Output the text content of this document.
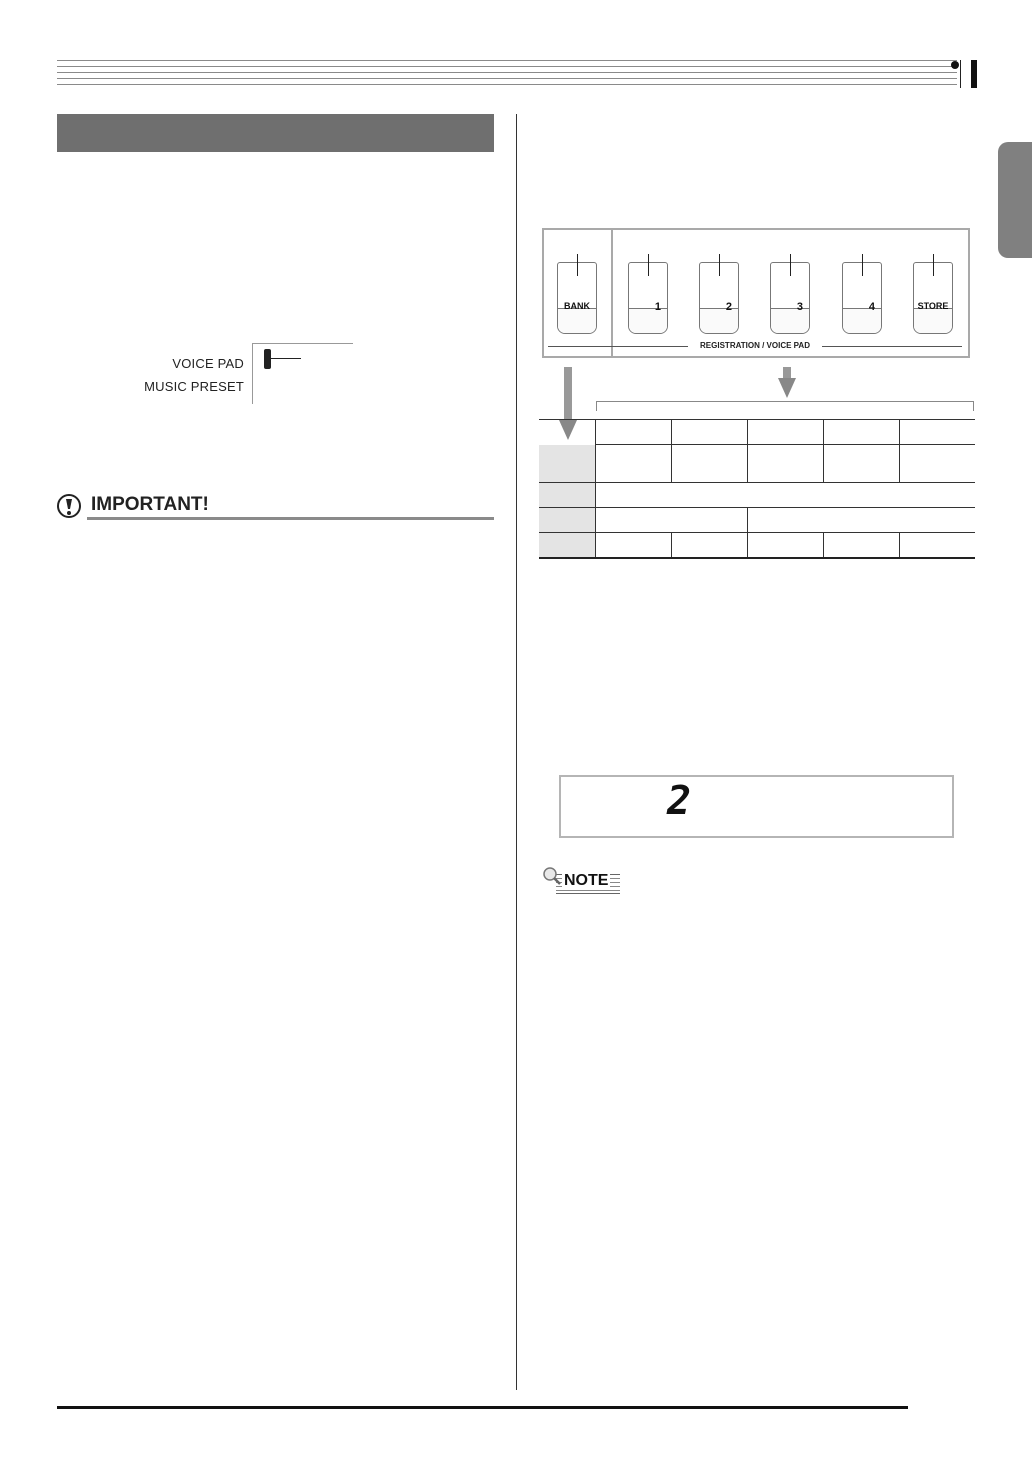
VOICE PAD
MUSIC PRESET
IMPORTANT!
BANK	1	2	3	4	STORE
REGISTRATION / VOICE PAD

2
NOTE
